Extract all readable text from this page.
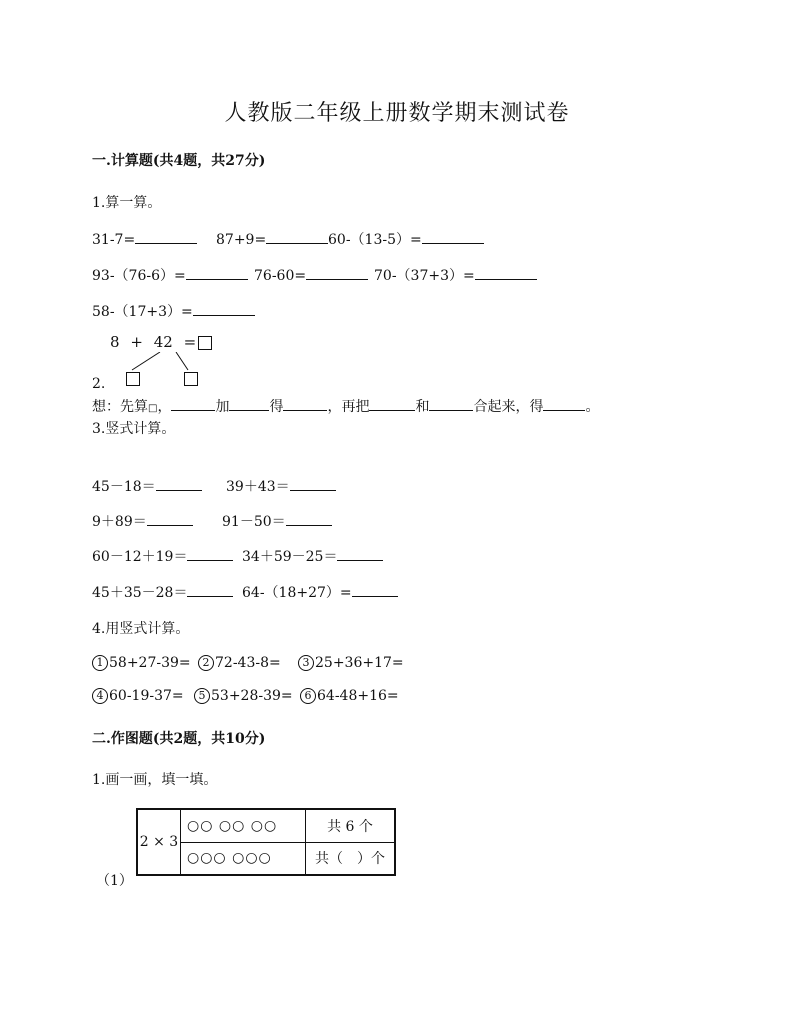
人教版二年级上册数学期末测试卷
一.计算题(共4题，共27分)
1.算一算。
31-7=	87+9=	60-（13-5）=
93-（76-6）=	76-60=	70-（37+3）=
58-（17+3）=
8 + 42 =
2.
想：先算□，	加	得	，再把	和	合起来，得	。
3.竖式计算。
45－18＝	39＋43＝
9＋89＝	91－50＝
60－12＋19＝	34＋59－25＝
45＋35－28＝	64-（18+27）=
4.用竖式计算。
1 58+27-39=	2 72-43-8=	3 25+36+17=
4 60-19-37=	5 53+28-39=	6 64-48+16=
二.作图题(共2题，共10分)
1.画一画，填一填。
2 × 3	○○ ○○ ○○	共 6 个
	○○○ ○○○	共（　）个
（1）
